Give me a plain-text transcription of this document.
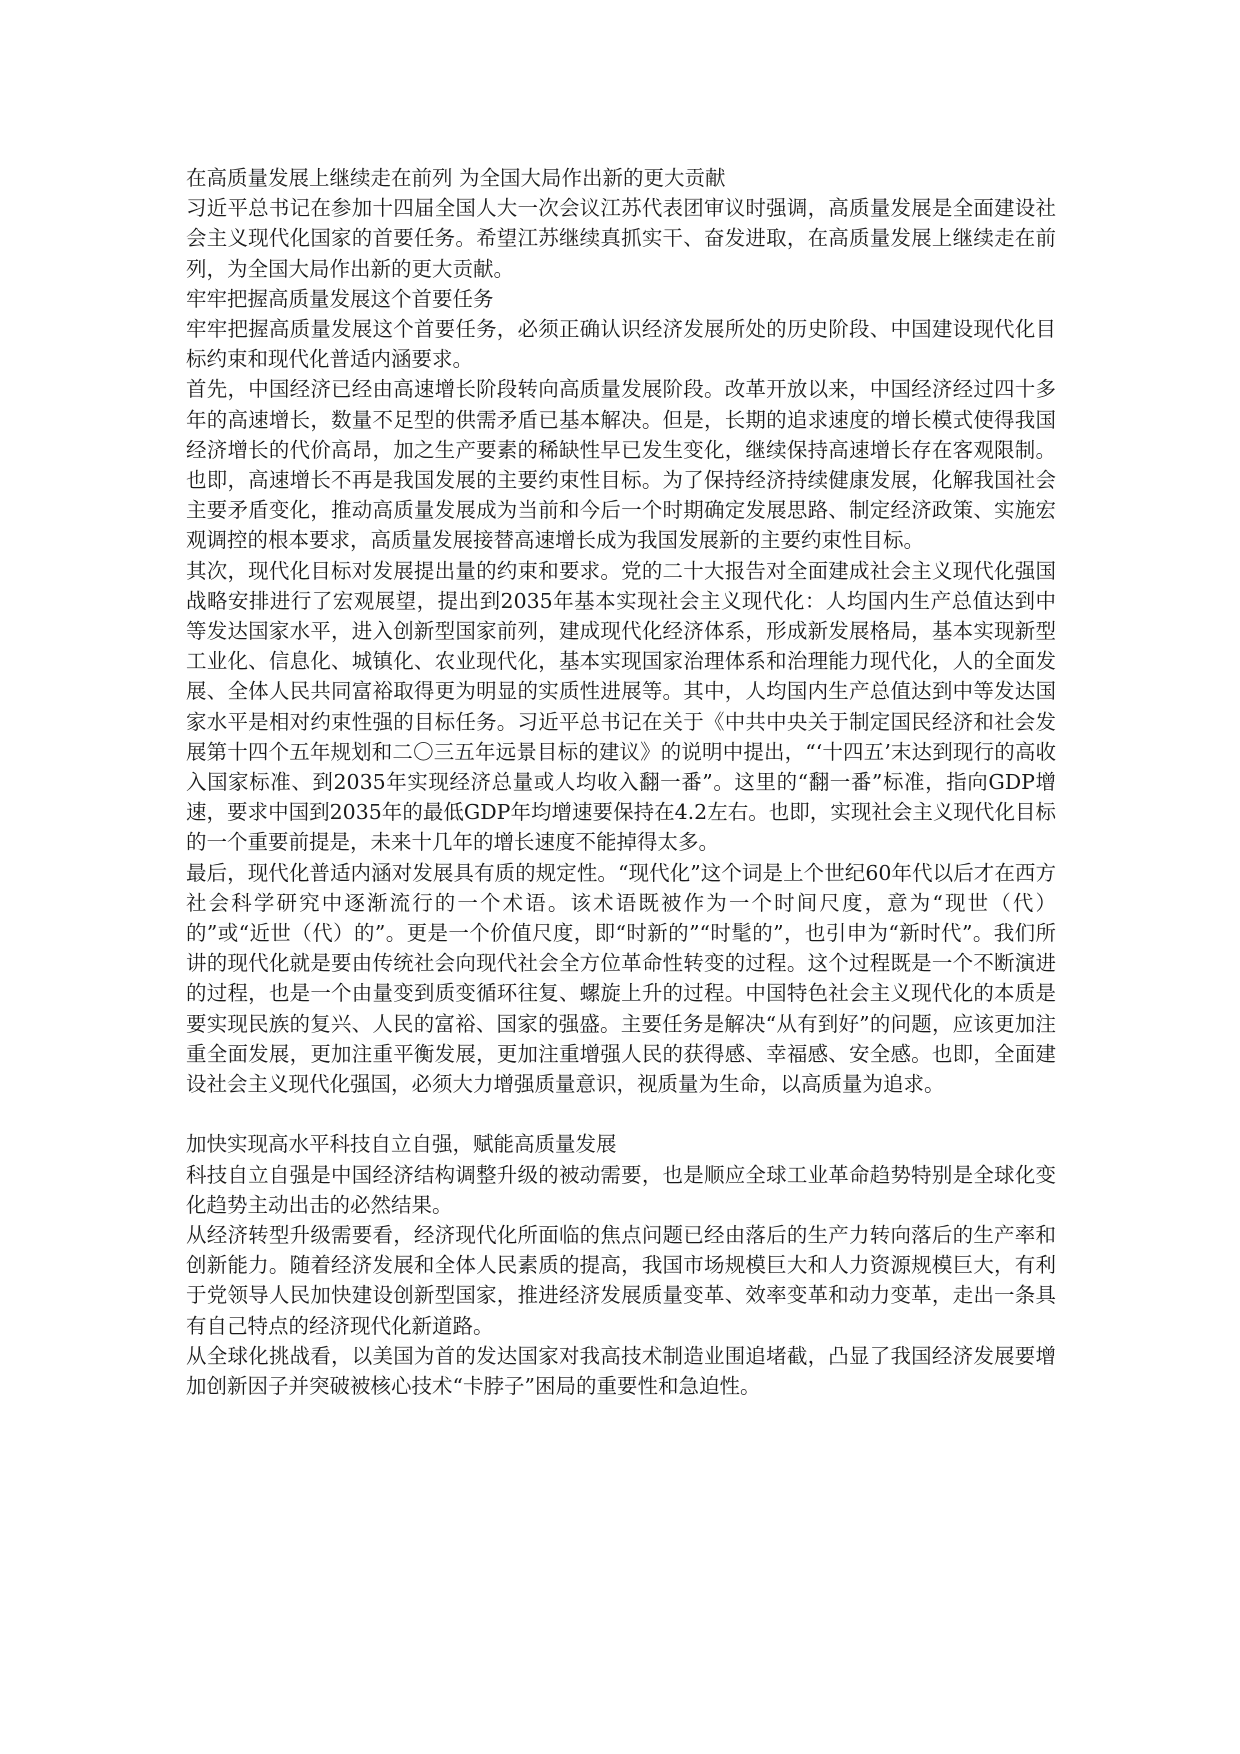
在高质量发展上继续走在前列 为全国大局作出新的更大贡献

习近平总书记在参加十四届全国人大一次会议江苏代表团审议时强调，高质量发展是全面建设社会主义现代化国家的首要任务。希望江苏继续真抓实干、奋发进取，在高质量发展上继续走在前列，为全国大局作出新的更大贡献。

牢牢把握高质量发展这个首要任务

牢牢把握高质量发展这个首要任务，必须正确认识经济发展所处的历史阶段、中国建设现代化目标约束和现代化普适内涵要求。

首先，中国经济已经由高速增长阶段转向高质量发展阶段。改革开放以来，中国经济经过四十多年的高速增长，数量不足型的供需矛盾已基本解决。但是，长期的追求速度的增长模式使得我国经济增长的代价高昂，加之生产要素的稀缺性早已发生变化，继续保持高速增长存在客观限制。也即，高速增长不再是我国发展的主要约束性目标。为了保持经济持续健康发展，化解我国社会主要矛盾变化，推动高质量发展成为当前和今后一个时期确定发展思路、制定经济政策、实施宏观调控的根本要求，高质量发展接替高速增长成为我国发展新的主要约束性目标。

其次，现代化目标对发展提出量的约束和要求。党的二十大报告对全面建成社会主义现代化强国战略安排进行了宏观展望，提出到2035年基本实现社会主义现代化：人均国内生产总值达到中等发达国家水平，进入创新型国家前列，建成现代化经济体系，形成新发展格局，基本实现新型工业化、信息化、城镇化、农业现代化，基本实现国家治理体系和治理能力现代化，人的全面发展、全体人民共同富裕取得更为明显的实质性进展等。其中，人均国内生产总值达到中等发达国家水平是相对约束性强的目标任务。习近平总书记在关于《中共中央关于制定国民经济和社会发展第十四个五年规划和二〇三五年远景目标的建议》的说明中提出，“‘十四五’末达到现行的高收入国家标准、到2035年实现经济总量或人均收入翻一番”。这里的“翻一番”标准，指向GDP增速，要求中国到2035年的最低GDP年均增速要保持在4.2左右。也即，实现社会主义现代化目标的一个重要前提是，未来十几年的增长速度不能掉得太多。

最后，现代化普适内涵对发展具有质的规定性。“现代化”这个词是上个世纪60年代以后才在西方社会科学研究中逐渐流行的一个术语。该术语既被作为一个时间尺度，意为“现世（代）的”或“近世（代）的”。更是一个价值尺度，即“时新的”“时髦的”，也引申为“新时代”。我们所讲的现代化就是要由传统社会向现代社会全方位革命性转变的过程。这个过程既是一个不断演进的过程，也是一个由量变到质变循环往复、螺旋上升的过程。中国特色社会主义现代化的本质是要实现民族的复兴、人民的富裕、国家的强盛。主要任务是解决“从有到好”的问题，应该更加注重全面发展，更加注重平衡发展，更加注重增强人民的获得感、幸福感、安全感。也即，全面建设社会主义现代化强国，必须大力增强质量意识，视质量为生命，以高质量为追求。

加快实现高水平科技自立自强，赋能高质量发展

科技自立自强是中国经济结构调整升级的被动需要，也是顺应全球工业革命趋势特别是全球化变化趋势主动出击的必然结果。

从经济转型升级需要看，经济现代化所面临的焦点问题已经由落后的生产力转向落后的生产率和创新能力。随着经济发展和全体人民素质的提高，我国市场规模巨大和人力资源规模巨大，有利于党领导人民加快建设创新型国家，推进经济发展质量变革、效率变革和动力变革，走出一条具有自己特点的经济现代化新道路。

从全球化挑战看，以美国为首的发达国家对我高技术制造业围追堵截，凸显了我国经济发展要增加创新因子并突破被核心技术“卡脖子”困局的重要性和急迫性。
